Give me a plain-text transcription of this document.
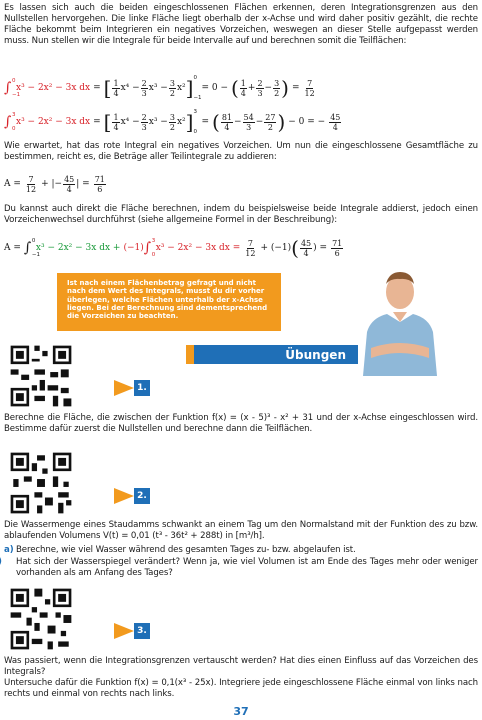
Es lassen sich auch die beiden eingeschlossenen Flächen erkennen, deren Integrationsgrenzen aus den Nullstellen hervorgehen. Die linke Fläche liegt oberhalb der x-Achse und wird daher positiv gezählt, die rechte Fläche bekommt beim Integrieren ein negatives Vorzeichen, weswegen an dieser Stelle aufgepasst werden muss. Nun stellen wir die Integrale für beide Intervalle auf und berechnen somit die Teilflächen:
∫ 0
−1
x³ − 2x² − 3x dx = [ $\frac{1}{4} x^4 - \frac{2}{3} x^3 - \frac{3}{2} x^2$ ] 0
−1
= 0 − ( $\frac{1}{4} + \frac{2}{3} - \frac{3}{2}$ ) = $\frac{7}{12}$
∫ 3
0
x³ − 2x² − 3x dx = [ $\frac{1}{4} x^4 - \frac{2}{3} x^3 - \frac{3}{2} x^2$ ] 3
0
= ( $\frac{81}{4} - \frac{54}{3} - \frac{27}{2}$ ) − 0 = − $\frac{45}{4}$
Wie erwartet, hat das rote Integral ein negatives Vorzeichen. Um nun die eingeschlossene Gesamtfläche zu bestimmen, reicht es, die Beträge aller Teilintegrale zu addieren:
$A = \frac{7}{12}$ + |− $\frac{45}{4}$ | = $\frac{71}{6}$
Du kannst auch direkt die Fläche berechnen, indem du beispielsweise beide Integrale addierst, jedoch einen Vorzeichenwechsel durchführst (siehe allgemeine Formel in der Beschreibung):
A = ∫ 0
−1
x³ − 2x² − 3x dx + (−1) ∫ 3
0
x³ − 2x² − 3x dx = $\frac{7}{12} + (-1)$ ( $\frac{45}{4}$ ) = $\frac{71}{6}$
Ist nach einem Flächenbetrag gefragt und nicht nach dem Wert des Integrals, musst du dir vorher überlegen, welche Flächen unterhalb der x-Achse liegen. Bei der Berechnung sind dementsprechend die Vorzeichen zu beachten.
Übungen
1.
Berechne die Fläche, die zwischen der Funktion f(x) = (x - 5)³ - x² + 31 und der x-Achse eingeschlossen wird. Bestimme dafür zuerst die Nullstellen und berechne dann die Teilflächen.
2.
Die Wassermenge eines Staudamms schwankt an einem Tag um den Normalstand mit der Funktion des zu bzw. ablaufenden Volumens V(t) = 0,01 (t³ - 36t² + 288t) in [m³/h].
a) Berechne, wie viel Wasser während des gesamten Tages zu- bzw. abgelaufen ist.
Hat sich der Wasserspiegel verändert? Wenn ja, wie viel Volumen ist am Ende des Tages mehr oder weniger vorhanden als am Anfang des Tages?
3.
Was passiert, wenn die Integrationsgrenzen vertauscht werden? Hat dies einen Einfluss auf das Vorzeichen des Integrals?
Untersuche dafür die Funktion f(x) = 0,1(x³ - 25x). Integriere jede eingeschlossene Fläche einmal von links nach rechts und einmal von rechts nach links.
37
